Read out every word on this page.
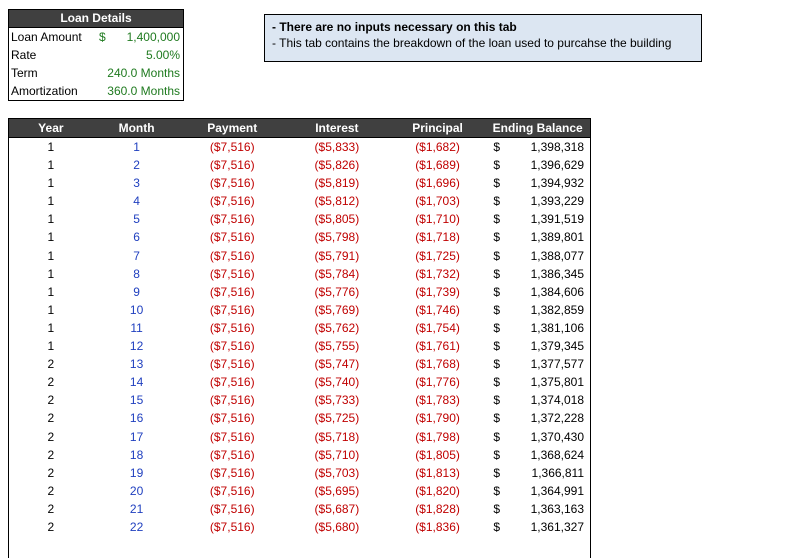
Loan Details
Loan Amount	$ 1,400,000
Rate	5.00%
Term	240.0 Months
Amortization	360.0 Months
- There are no inputs necessary on this tab
- This tab contains the breakdown of the loan used to purcahse the building
Year	Month	Payment	Interest	Principal	Ending Balance
1	1	($7,516)	($5,833)	($1,682)	$	1,398,318
1	2	($7,516)	($5,826)	($1,689)	$	1,396,629
1	3	($7,516)	($5,819)	($1,696)	$	1,394,932
1	4	($7,516)	($5,812)	($1,703)	$	1,393,229
1	5	($7,516)	($5,805)	($1,710)	$	1,391,519
1	6	($7,516)	($5,798)	($1,718)	$	1,389,801
1	7	($7,516)	($5,791)	($1,725)	$	1,388,077
1	8	($7,516)	($5,784)	($1,732)	$	1,386,345
1	9	($7,516)	($5,776)	($1,739)	$	1,384,606
1	10	($7,516)	($5,769)	($1,746)	$	1,382,859
1	11	($7,516)	($5,762)	($1,754)	$	1,381,106
1	12	($7,516)	($5,755)	($1,761)	$	1,379,345
2	13	($7,516)	($5,747)	($1,768)	$	1,377,577
2	14	($7,516)	($5,740)	($1,776)	$	1,375,801
2	15	($7,516)	($5,733)	($1,783)	$	1,374,018
2	16	($7,516)	($5,725)	($1,790)	$	1,372,228
2	17	($7,516)	($5,718)	($1,798)	$	1,370,430
2	18	($7,516)	($5,710)	($1,805)	$	1,368,624
2	19	($7,516)	($5,703)	($1,813)	$	1,366,811
2	20	($7,516)	($5,695)	($1,820)	$	1,364,991
2	21	($7,516)	($5,687)	($1,828)	$	1,363,163
2	22	($7,516)	($5,680)	($1,836)	$	1,361,327
